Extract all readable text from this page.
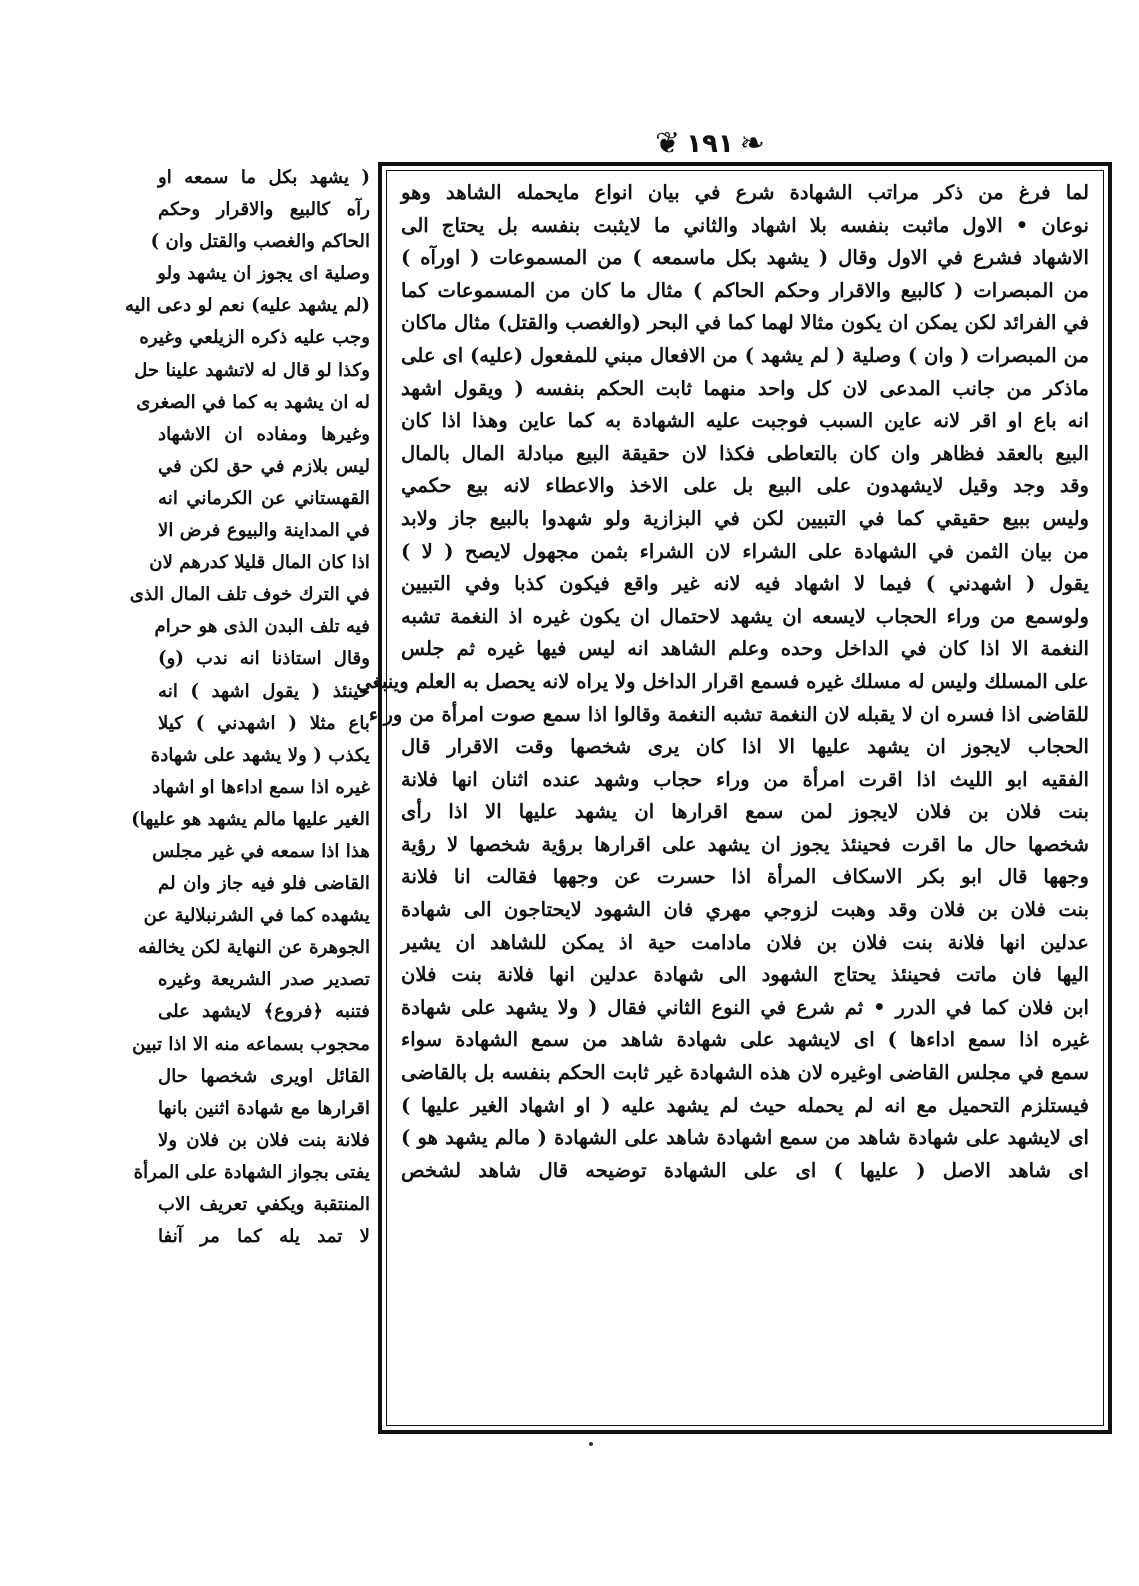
❦ ١٩١ ❧
لما فرغ من ذكر مراتب الشهادة شرع في بيان انواع مايحمله الشاهد وهو
نوعان • الاول ماثبت بنفسه بلا اشهاد والثاني ما لايثبت بنفسه بل يحتاج الى
الاشهاد فشرع في الاول وقال ( يشهد بكل ماسمعه ) من المسموعات ( اورآه )
من المبصرات ( كالبيع والاقرار وحكم الحاكم ) مثال ما كان من المسموعات كما
في الفرائد لكن يمكن ان يكون مثالا لهما كما في البحر (والغصب والقتل) مثال ماكان
من المبصرات ( وان ) وصلية ( لم يشهد ) من الافعال مبني للمفعول (عليه) اى على
ماذكر من جانب المدعى لان كل واحد منهما ثابت الحكم بنفسه ( ويقول اشهد
انه باع او اقر لانه عاين السبب فوجبت عليه الشهادة به كما عاين وهذا اذا كان
البيع بالعقد فظاهر وان كان بالتعاطى فكذا لان حقيقة البيع مبادلة المال بالمال
وقد وجد وقيل لايشهدون على البيع بل على الاخذ والاعطاء لانه بيع حكمي
وليس ببيع حقيقي كما في التبيين لكن في البزازية ولو شهدوا بالبيع جاز ولابد
من بيان الثمن في الشهادة على الشراء لان الشراء بثمن مجهول لايصح ( لا )
يقول ( اشهدني ) فيما لا اشهاد فيه لانه غير واقع فيكون كذبا وفي التبيين
ولوسمع من وراء الحجاب لايسعه ان يشهد لاحتمال ان يكون غيره اذ النغمة تشبه
النغمة الا اذا كان في الداخل وحده وعلم الشاهد انه ليس فيها غيره ثم جلس
على المسلك وليس له مسلك غيره فسمع اقرار الداخل ولا يراه لانه يحصل به العلم وينبغي
للقاضى اذا فسره ان لا يقبله لان النغمة تشبه النغمة وقالوا اذا سمع صوت امرأة من وراء
الحجاب لايجوز ان يشهد عليها الا اذا كان يرى شخصها وقت الاقرار قال
الفقيه ابو الليث اذا اقرت امرأة من وراء حجاب وشهد عنده اثنان انها فلانة
بنت فلان بن فلان لايجوز لمن سمع اقرارها ان يشهد عليها الا اذا رأى
شخصها حال ما اقرت فحينئذ يجوز ان يشهد على اقرارها برؤية شخصها لا رؤية
وجهها قال ابو بكر الاسكاف المرأة اذا حسرت عن وجهها فقالت انا فلانة
بنت فلان بن فلان وقد وهبت لزوجي مهري فان الشهود لايحتاجون الى شهادة
عدلين انها فلانة بنت فلان بن فلان مادامت حية اذ يمكن للشاهد ان يشير
اليها فان ماتت فحينئذ يحتاج الشهود الى شهادة عدلين انها فلانة بنت فلان
ابن فلان كما في الدرر • ثم شرع في النوع الثاني فقال ( ولا يشهد على شهادة
غيره اذا سمع اداءها ) اى لايشهد على شهادة شاهد من سمع الشهادة سواء
سمع في مجلس القاضى اوغيره لان هذه الشهادة غير ثابت الحكم بنفسه بل بالقاضى
فيستلزم التحميل مع انه لم يحمله حيث لم يشهد عليه ( او اشهاد الغير عليها )
اى لايشهد على شهادة شاهد من سمع اشهادة شاهد على الشهادة ( مالم يشهد هو )
اى شاهد الاصل ( عليها ) اى على الشهادة توضيحه قال شاهد لشخص
( يشهد بكل ما سمعه او
رآه كالبيع والاقرار وحكم
الحاكم والغصب والقتل وان )
وصلية اى يجوز ان يشهد ولو
(لم يشهد عليه) نعم لو دعى اليه
وجب عليه ذكره الزيلعي وغيره
وكذا لو قال له لاتشهد علينا حل
له ان يشهد به كما في الصغرى
وغيرها ومفاده ان الاشهاد
ليس بلازم في حق لكن في
القهستاني عن الكرماني انه
في المداينة والبيوع فرض الا
اذا كان المال قليلا كدرهم لان
في الترك خوف تلف المال الذى
فيه تلف البدن الذى هو حرام
وقال استاذنا انه ندب (و)
حينئذ ( يقول اشهد ) انه
باع مثلا ( اشهدني ) كيلا
يكذب ( ولا يشهد على شهادة
غيره اذا سمع اداءها او اشهاد
الغير عليها مالم يشهد هو عليها)
هذا اذا سمعه في غير مجلس
القاضى فلو فيه جاز وان لم
يشهده كما في الشرنبلالية عن
الجوهرة عن النهاية لكن يخالفه
تصدير صدر الشريعة وغيره
فتنبه ﴿فروع﴾ لايشهد على
محجوب بسماعه منه الا اذا تبين
القائل اويرى شخصها حال
اقرارها مع شهادة اثنين بانها
فلانة بنت فلان بن فلان ولا
يفتى بجواز الشهادة على المرأة
المنتقبة ويكفي تعريف الاب
لا تمد يله كما مر آنفا
